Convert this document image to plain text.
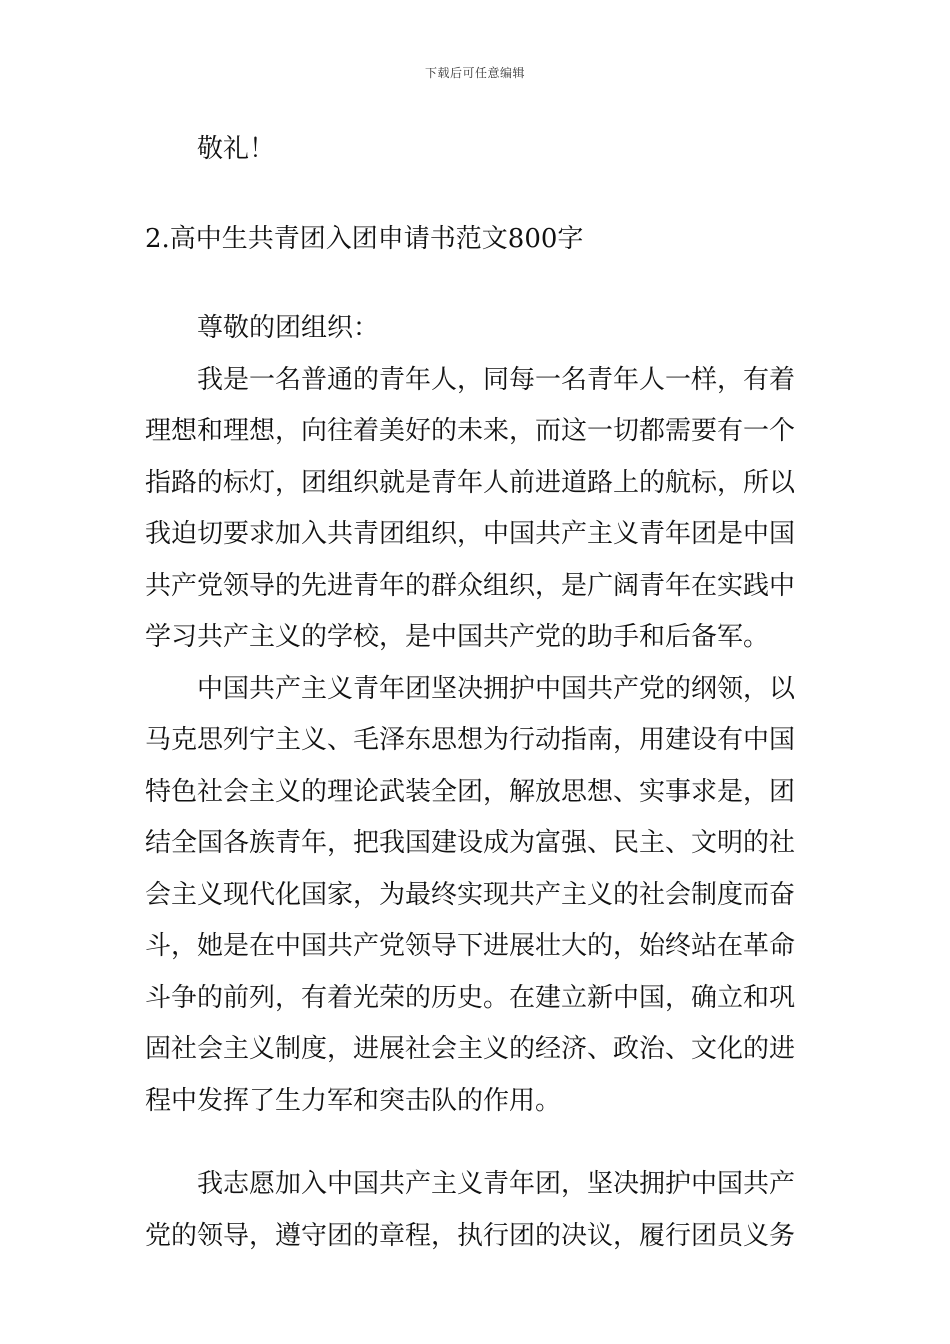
下载后可任意编辑
敬礼！
2.高中生共青团入团申请书范文800字
尊敬的团组织：
我是一名普通的青年人，同每一名青年人一样，有着
理想和理想，向往着美好的未来，而这一切都需要有一个
指路的标灯，团组织就是青年人前进道路上的航标，所以
我迫切要求加入共青团组织，中国共产主义青年团是中国
共产党领导的先进青年的群众组织，是广阔青年在实践中
学习共产主义的学校，是中国共产党的助手和后备军。
中国共产主义青年团坚决拥护中国共产党的纲领，以
马克思列宁主义、毛泽东思想为行动指南，用建设有中国
特色社会主义的理论武装全团，解放思想、实事求是，团
结全国各族青年，把我国建设成为富强、民主、文明的社
会主义现代化国家，为最终实现共产主义的社会制度而奋
斗，她是在中国共产党领导下进展壮大的，始终站在革命
斗争的前列，有着光荣的历史。在建立新中国，确立和巩
固社会主义制度，进展社会主义的经济、政治、文化的进
程中发挥了生力军和突击队的作用。
我志愿加入中国共产主义青年团，坚决拥护中国共产
党的领导，遵守团的章程，执行团的决议，履行团员义务
